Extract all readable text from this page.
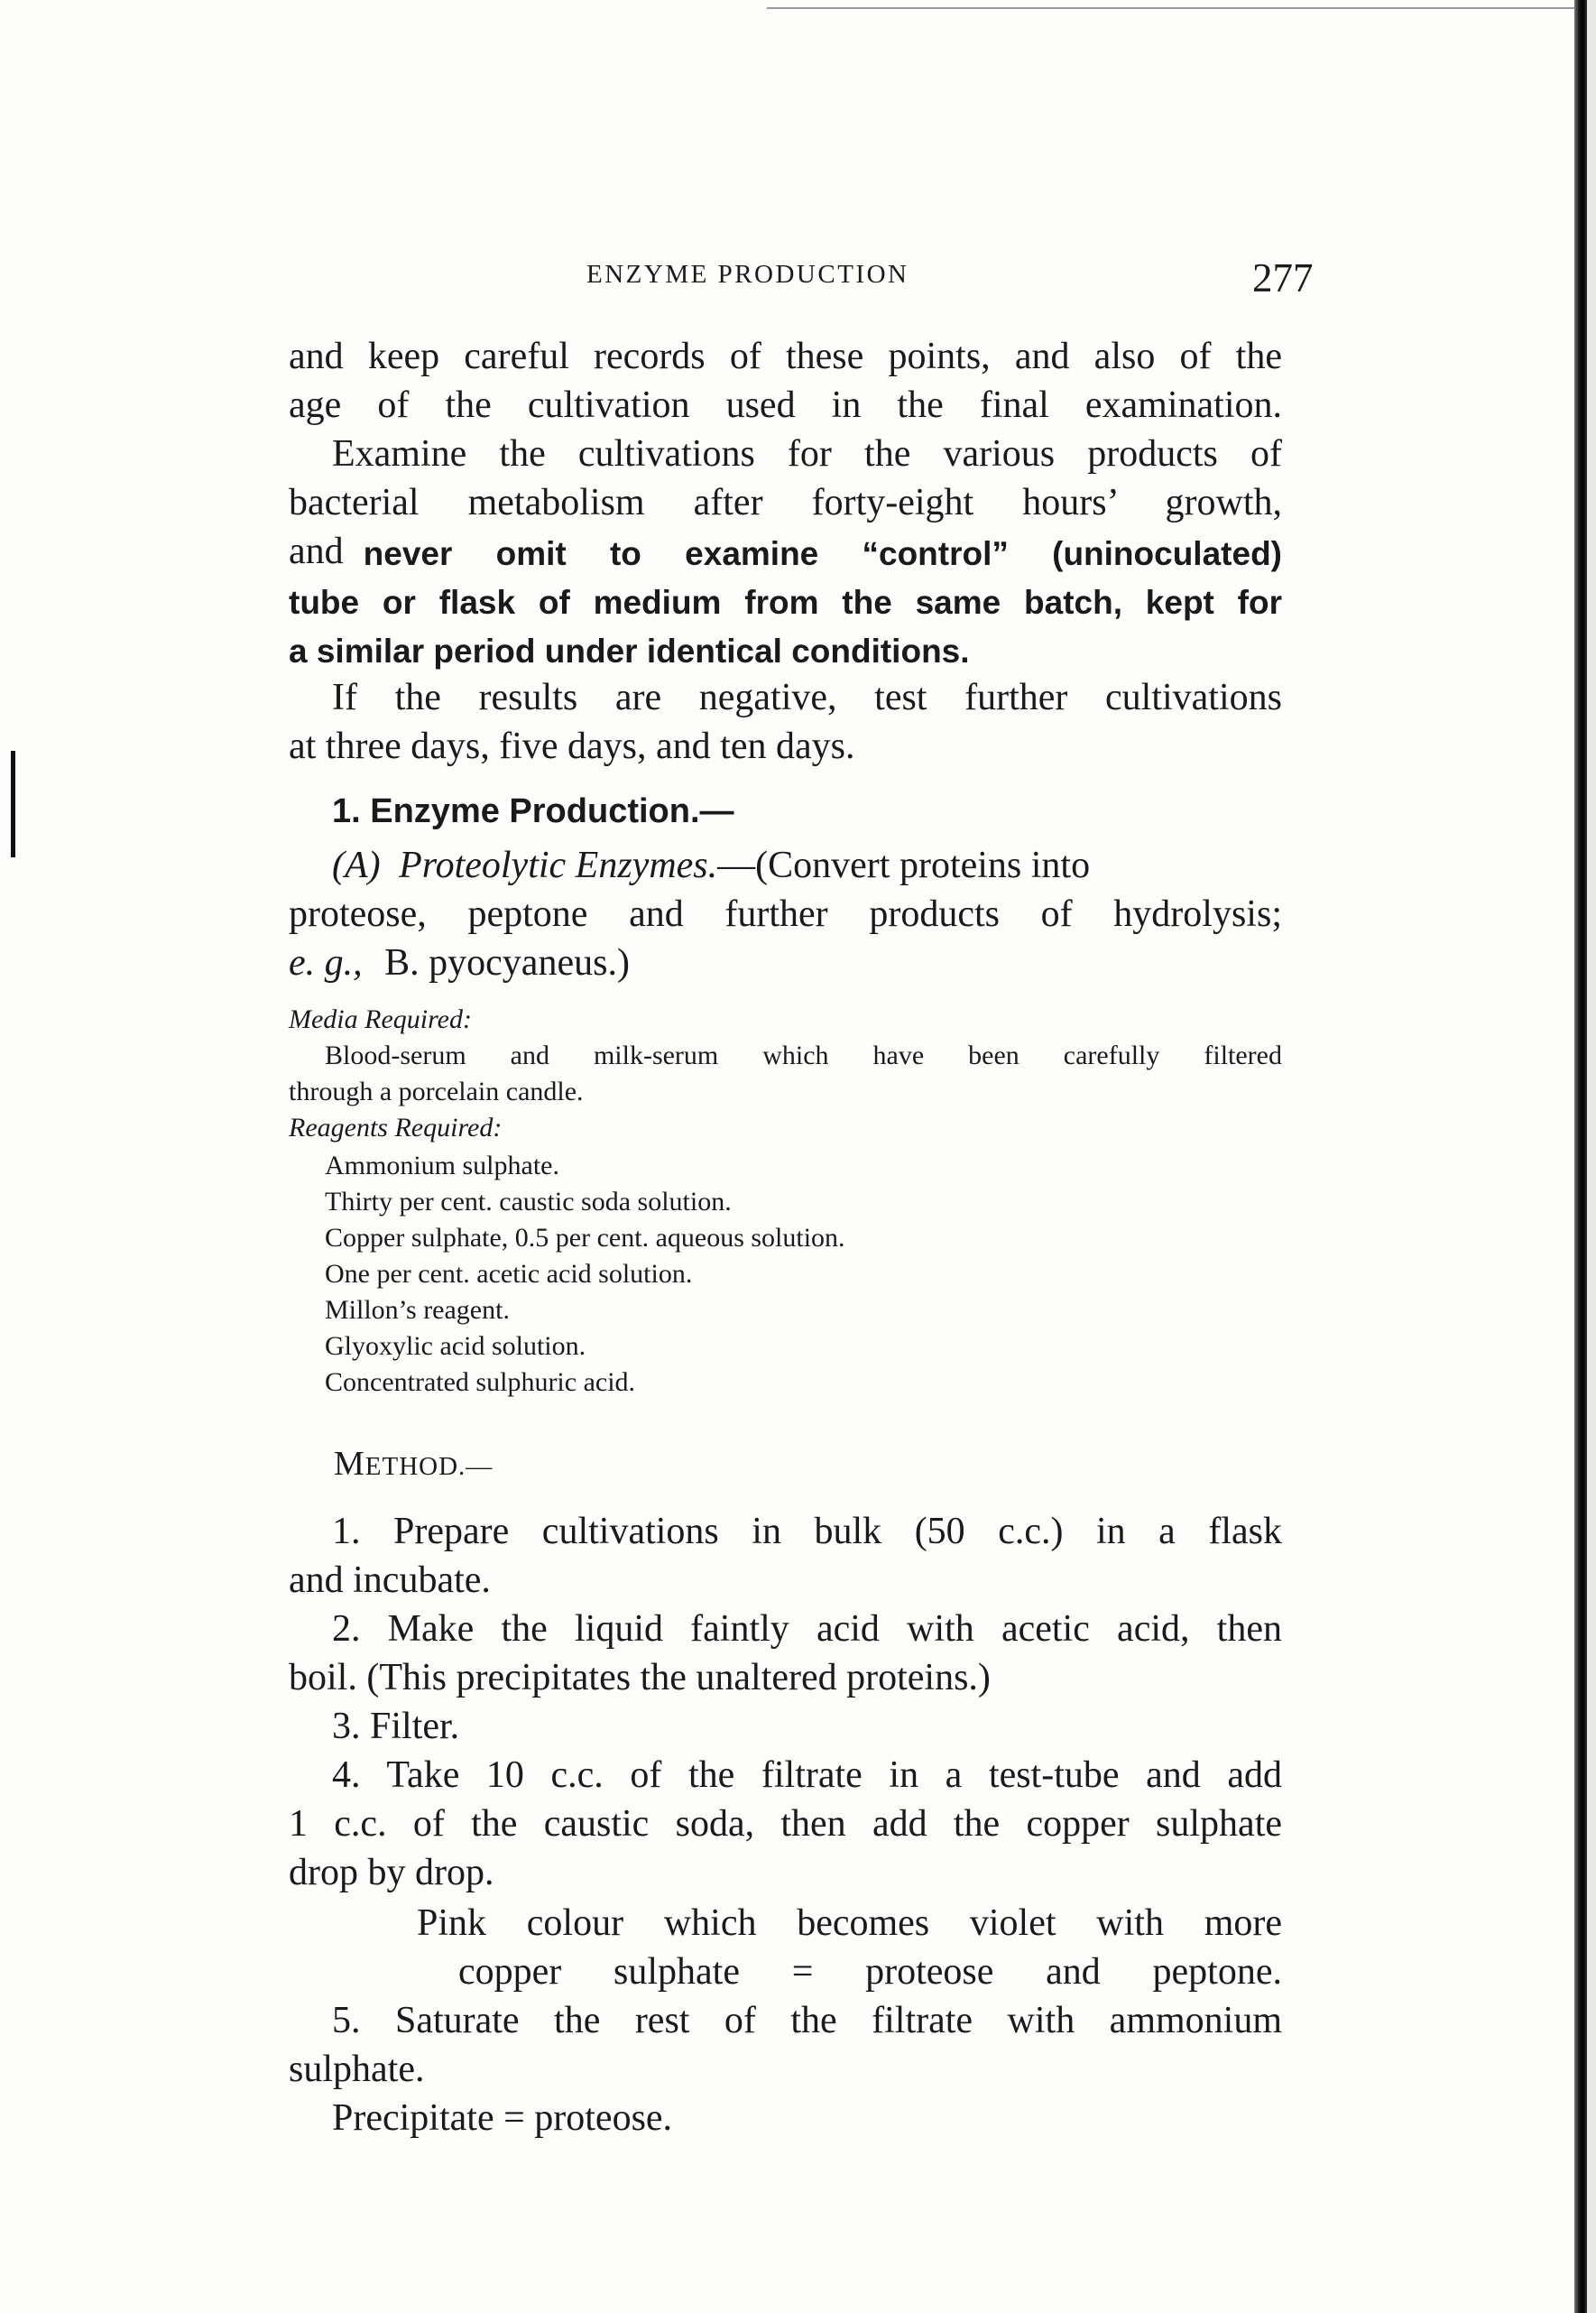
ENZYME PRODUCTION	277
and keep careful records of these points, and also of the
age of the cultivation used in the final examination.
Examine the cultivations for the various products of
bacterial metabolism after forty-eight hours’ growth,
and never omit to examine “control” (uninoculated)
tube or flask of medium from the same batch, kept for
a similar period under identical conditions.
If the results are negative, test further cultivations
at three days, five days, and ten days.
1. Enzyme Production.—
(A) Proteolytic Enzymes.—(Convert proteins into
proteose, peptone and further products of hydrolysis;
e. g., B. pyocyaneus.)
Media Required:
Blood-serum and milk-serum which have been carefully filtered
through a porcelain candle.
Reagents Required:
Ammonium sulphate.
Thirty per cent. caustic soda solution.
Copper sulphate, 0.5 per cent. aqueous solution.
One per cent. acetic acid solution.
Millon’s reagent.
Glyoxylic acid solution.
Concentrated sulphuric acid.
METHOD.—
1. Prepare cultivations in bulk (50 c.c.) in a flask
and incubate.
2. Make the liquid faintly acid with acetic acid, then
boil. (This precipitates the unaltered proteins.)
3. Filter.
4. Take 10 c.c. of the filtrate in a test-tube and add
1 c.c. of the caustic soda, then add the copper sulphate
drop by drop.
Pink colour which becomes violet with more
copper sulphate = proteose and peptone.
5. Saturate the rest of the filtrate with ammonium
sulphate.
Precipitate = proteose.
